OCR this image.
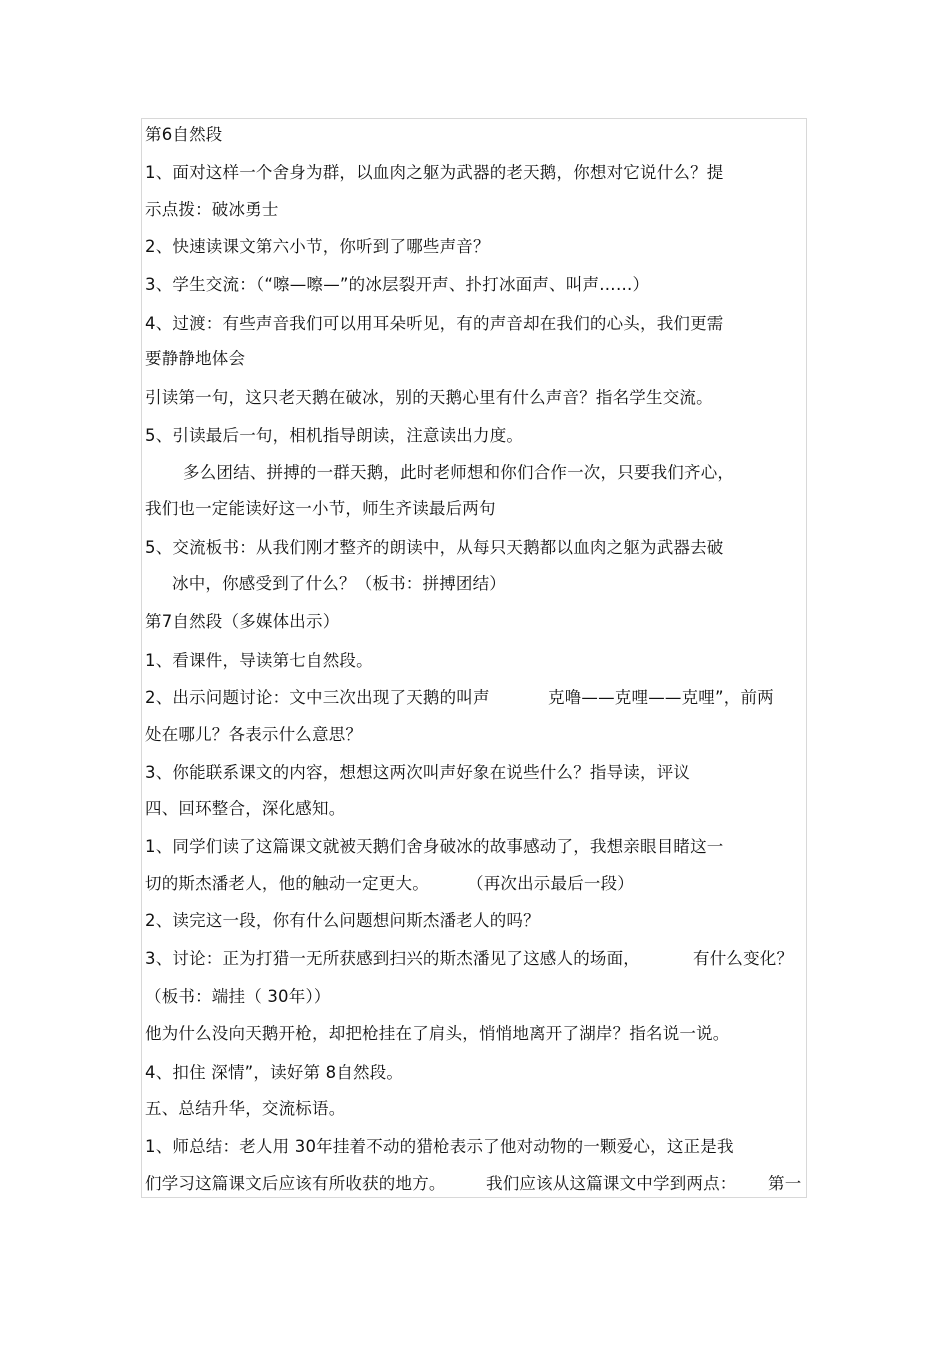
第6自然段
1、面对这样一个舍身为群，以血肉之躯为武器的老天鹅，你想对它说什么？提
示点拨：破冰勇士
2、快速读课文第六小节，你听到了哪些声音？
3、学生交流：（“嚓—嚓—”的冰层裂开声、扑打冰面声、叫声……）
4、过渡：有些声音我们可以用耳朵听见，有的声音却在我们的心头，我们更需
要静静地体会
引读第一句，这只老天鹅在破冰，别的天鹅心里有什么声音？指名学生交流。
5、引读最后一句，相机指导朗读，注意读出力度。
多么团结、拼搏的一群天鹅，此时老师想和你们合作一次，只要我们齐心，
我们也一定能读好这一小节，师生齐读最后两句
5、交流板书：从我们刚才整齐的朗读中，从每只天鹅都以血肉之躯为武器去破
冰中，你感受到了什么？（板书：拼搏团结）
第7自然段（多媒体出示）
1、看课件，导读第七自然段。
2、出示问题讨论：文中三次出现了天鹅的叫声	克噜——克哩——克哩”，前两
处在哪儿？各表示什么意思？
3、你能联系课文的内容，想想这两次叫声好象在说些什么？指导读，评议
四、回环整合，深化感知。
1、同学们读了这篇课文就被天鹅们舍身破冰的故事感动了，我想亲眼目睹这一
切的斯杰潘老人，他的触动一定更大。 （再次出示最后一段）
2、读完这一段，你有什么问题想问斯杰潘老人的吗？
3、讨论：正为打猎一无所获感到扫兴的斯杰潘见了这感人的场面，	有什么变化？
（板书：端挂（ 30年））
他为什么没向天鹅开枪，却把枪挂在了肩头，悄悄地离开了湖岸？指名说一说。
4、扣住 深情”，读好第 8自然段。
五、总结升华，交流标语。
1、师总结：老人用 30年挂着不动的猎枪表示了他对动物的一颗爱心，这正是我
们学习这篇课文后应该有所收获的地方。 我们应该从这篇课文中学到两点： 第一
